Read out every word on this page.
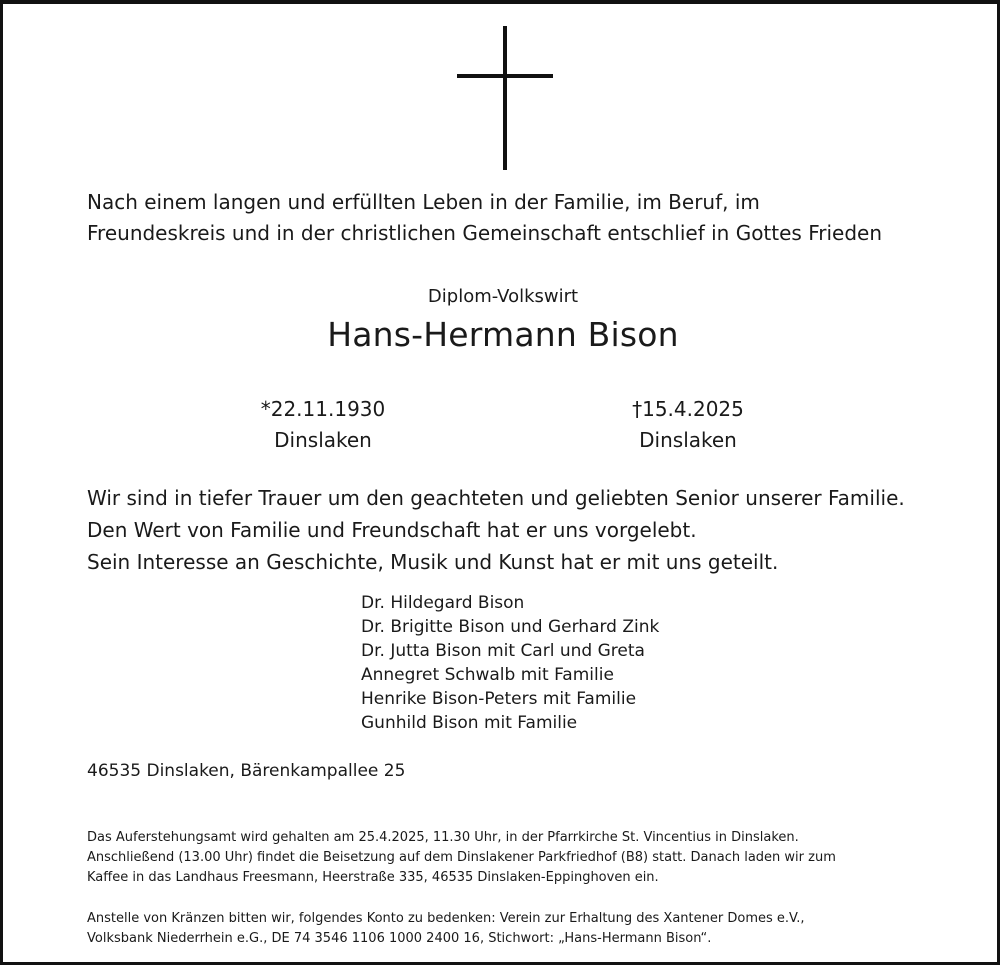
Nach einem langen und erfüllten Leben in der Familie, im Beruf, im
Freundeskreis und in der christlichen Gemeinschaft entschlief in Gottes Frieden
Diplom-Volkswirt
Hans-Hermann Bison
*22.11.1930
Dinslaken
†15.4.2025
Dinslaken
Wir sind in tiefer Trauer um den geachteten und geliebten Senior unserer Familie.
Den Wert von Familie und Freundschaft hat er uns vorgelebt.
Sein Interesse an Geschichte, Musik und Kunst hat er mit uns geteilt.
Dr. Hildegard Bison
Dr. Brigitte Bison und Gerhard Zink
Dr. Jutta Bison mit Carl und Greta
Annegret Schwalb mit Familie
Henrike Bison-Peters mit Familie
Gunhild Bison mit Familie
46535 Dinslaken, Bärenkampallee 25
Das Auferstehungsamt wird gehalten am 25.4.2025, 11.30 Uhr, in der Pfarrkirche St. Vincentius in Dinslaken.
Anschließend (13.00 Uhr) findet die Beisetzung auf dem Dinslakener Parkfriedhof (B8) statt. Danach laden wir zum
Kaffee in das Landhaus Freesmann, Heerstraße 335, 46535 Dinslaken-Eppinghoven ein.
Anstelle von Kränzen bitten wir, folgendes Konto zu bedenken: Verein zur Erhaltung des Xantener Domes e.V.,
Volksbank Niederrhein e.G., DE 74 3546 1106 1000 2400 16, Stichwort: „Hans-Hermann Bison“.
